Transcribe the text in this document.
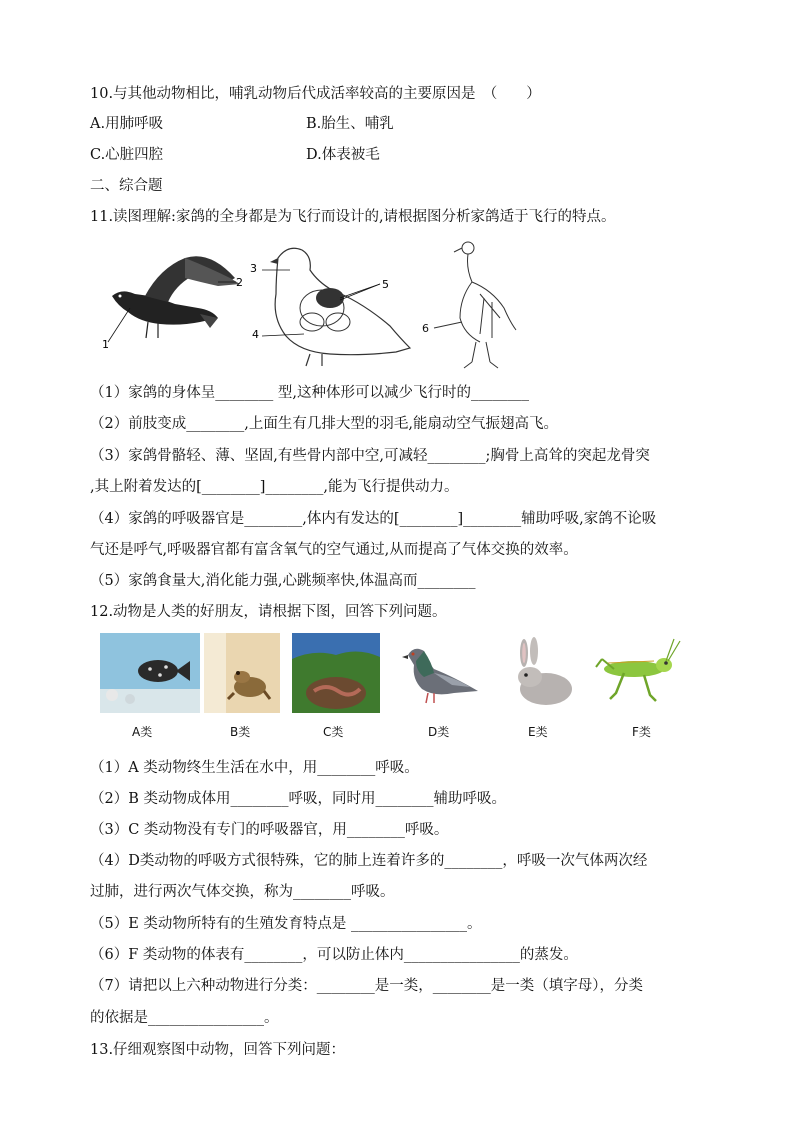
10.与其他动物相比，哺乳动物后代成活率较高的主要原因是　（　　）
A.用肺呼吸	B.胎生、哺乳
C.心脏四腔	D.体表被毛
二、综合题
11.读图理解:家鸽的全身都是为飞行而设计的,请根据图分析家鸽适于飞行的特点。
2
1
3
5
4	6
（1）家鸽的身体呈________ 型,这种体形可以减少飞行时的________
（2）前肢变成________,上面生有几排大型的羽毛,能扇动空气振翅高飞。
（3）家鸽骨骼轻、薄、坚固,有些骨内部中空,可减轻________;胸骨上高耸的突起龙骨突
,其上附着发达的[________]________,能为飞行提供动力。
（4）家鸽的呼吸器官是________,体内有发达的[________]________辅助呼吸,家鸽不论吸
气还是呼气,呼吸器官都有富含氧气的空气通过,从而提高了气体交换的效率。
（5）家鸽食量大,消化能力强,心跳频率快,体温高而________
12.动物是人类的好朋友，请根据下图，回答下列问题。
A类	B类	C类	D类	E类	F类
（1）A 类动物终生生活在水中，用________呼吸。
（2）B 类动物成体用________呼吸，同时用________辅助呼吸。
（3）C 类动物没有专门的呼吸器官，用________呼吸。
（4）D类动物的呼吸方式很特殊，它的肺上连着许多的________，呼吸一次气体两次经
过肺，进行两次气体交换，称为________呼吸。
（5）E 类动物所特有的生殖发育特点是 ________________。
（6）F 类动物的体表有________，可以防止体内________________的蒸发。
（7）请把以上六种动物进行分类：________是一类，________是一类（填字母），分类
的依据是________________。
13.仔细观察图中动物，回答下列问题：
